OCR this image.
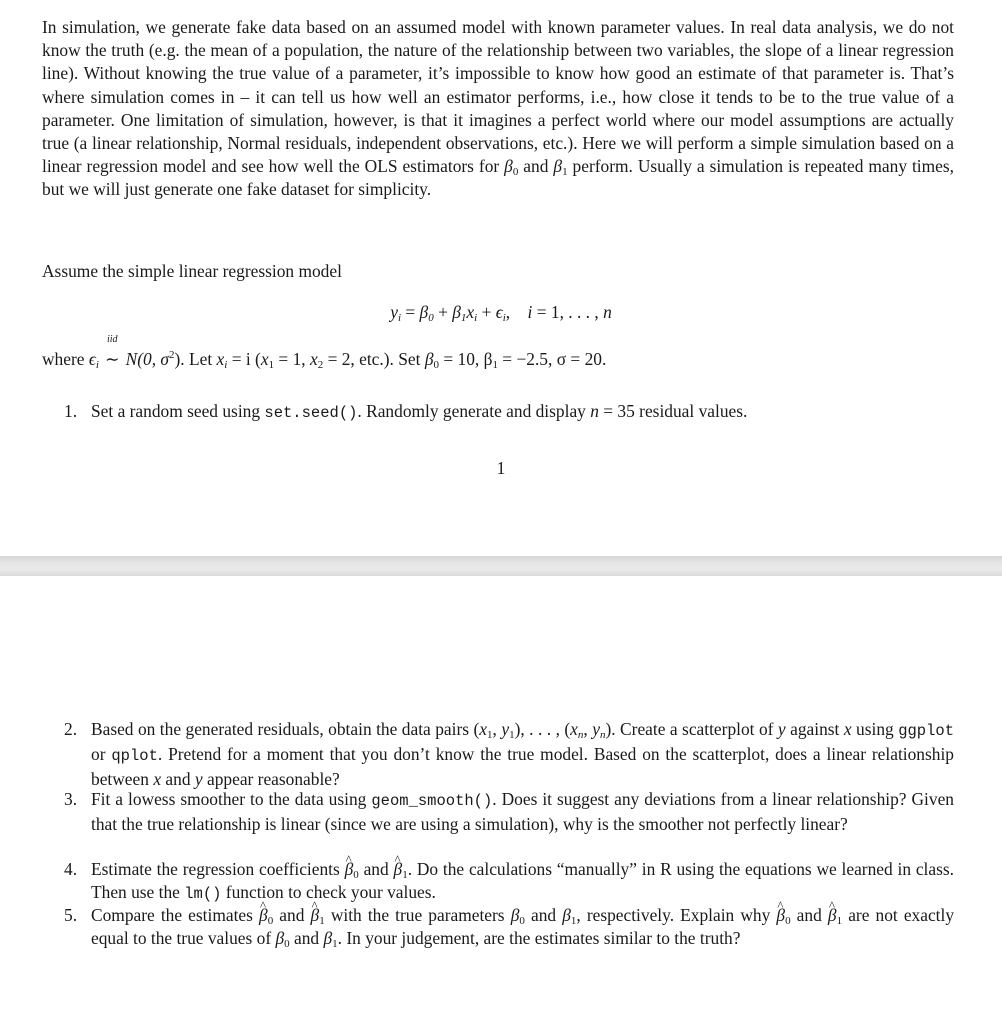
In simulation, we generate fake data based on an assumed model with known parameter values. In real data analysis, we do not know the truth (e.g. the mean of a population, the nature of the relationship between two variables, the slope of a linear regression line). Without knowing the true value of a parameter, it’s impossible to know how good an estimate of that parameter is. That’s where simulation comes in – it can tell us how well an estimator performs, i.e., how close it tends to be to the true value of a parameter. One limitation of simulation, however, is that it imagines a perfect world where our model assumptions are actually true (a linear relationship, Normal residuals, independent observations, etc.). Here we will perform a simple simulation based on a linear regression model and see how well the OLS estimators for $\beta_0$ and $\beta_1$ perform. Usually a simulation is repeated many times, but we will just generate one fake dataset for simplicity.

Assume the simple linear regression model

$y_i = \beta_0 + \beta_1x_i + \epsilon_i$,    i = 1, . . . , n
where $\epsilon_i$
iid
∼ N(0, $\sigma^2$). Let $x_i = i$ ($x_1 = 1$, $x_2 = 2$, etc.). Set $\beta_0 = 10$, $\beta_1 = -2.5$, σ = 20.

1. Set a random seed using set.seed(). Randomly generate and display n = 35 residual values.

1

2. Based on the generated residuals, obtain the data pairs ($x_1$, $y_1$), . . . , ($x_n$, $y_n$). Create a scatterplot of y against x using ggplot or qplot. Pretend for a moment that you don’t know the true model. Based on the scatterplot, does a linear relationship between x and y appear reasonable?

3. Fit a lowess smoother to the data using geom_smooth(). Does it suggest any deviations from a linear relationship? Given that the true relationship is linear (since we are using a simulation), why is the smoother not perfectly linear?

4. Estimate the regression coefficients ^ $\beta_0$ and ^ $\beta_1$. Do the calculations “manually” in R using the equations we learned in class. Then use the lm() function to check your values.

5. Compare the estimates ^ $\beta_0$ and ^ $\beta_1$ with the true parameters $\beta_0$ and $\beta_1$, respectively. Explain why ^ $\beta_0$ and ^ $\beta_1$ are not exactly equal to the true values of $\beta_0$ and $\beta_1$. In your judgement, are the estimates similar to the truth?
